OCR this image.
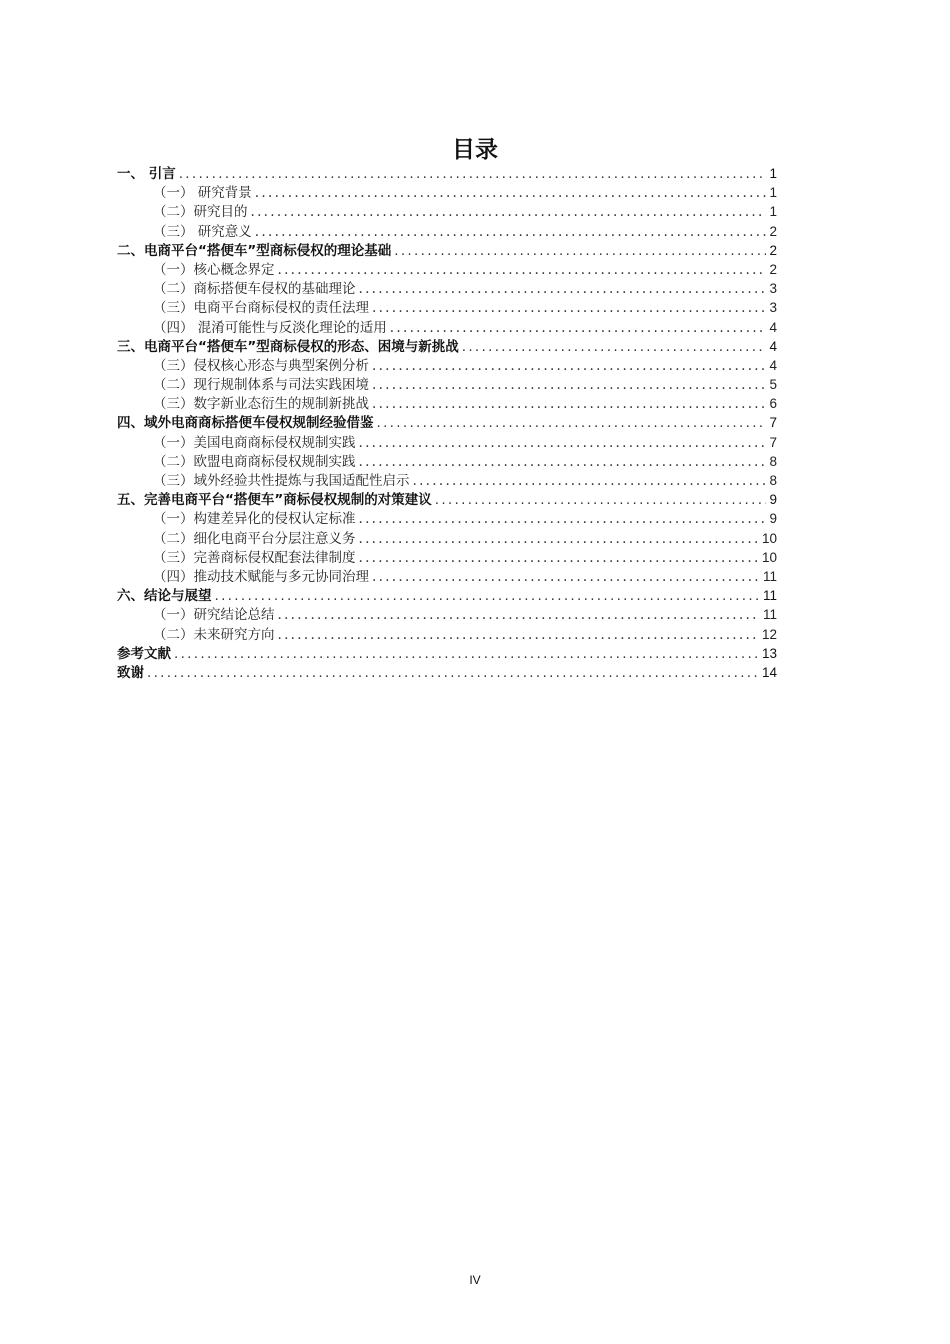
目录
一、 引言 .....	1
（一） 研究背景 .....	1
（二）研究目的 .....	1
（三） 研究意义 .....	2
二、电商平台“搭便车”型商标侵权的理论基础 .....	2
（一）核心概念界定 .....	2
（二）商标搭便车侵权的基础理论 .....	3
（三）电商平台商标侵权的责任法理 .....	3
（四） 混淆可能性与反淡化理论的适用 .....	4
三、电商平台“搭便车”型商标侵权的形态、困境与新挑战 .....	4
（三）侵权核心形态与典型案例分析 .....	4
（二）现行规制体系与司法实践困境 .....	5
（三）数字新业态衍生的规制新挑战 .....	6
四、域外电商商标搭便车侵权规制经验借鉴 .....	7
（一）美国电商商标侵权规制实践 .....	7
（二）欧盟电商商标侵权规制实践 .....	8
（三）域外经验共性提炼与我国适配性启示 .....	8
五、完善电商平台“搭便车”商标侵权规制的对策建议 .....	9
（一）构建差异化的侵权认定标准 .....	9
（二）细化电商平台分层注意义务 .....	10
（三）完善商标侵权配套法律制度 .....	10
（四）推动技术赋能与多元协同治理 .....	11
六、结论与展望 .....	11
（一）研究结论总结 .....	11
（二）未来研究方向 .....	12
参考文献 .....	13
致谢 .....	14
IV
